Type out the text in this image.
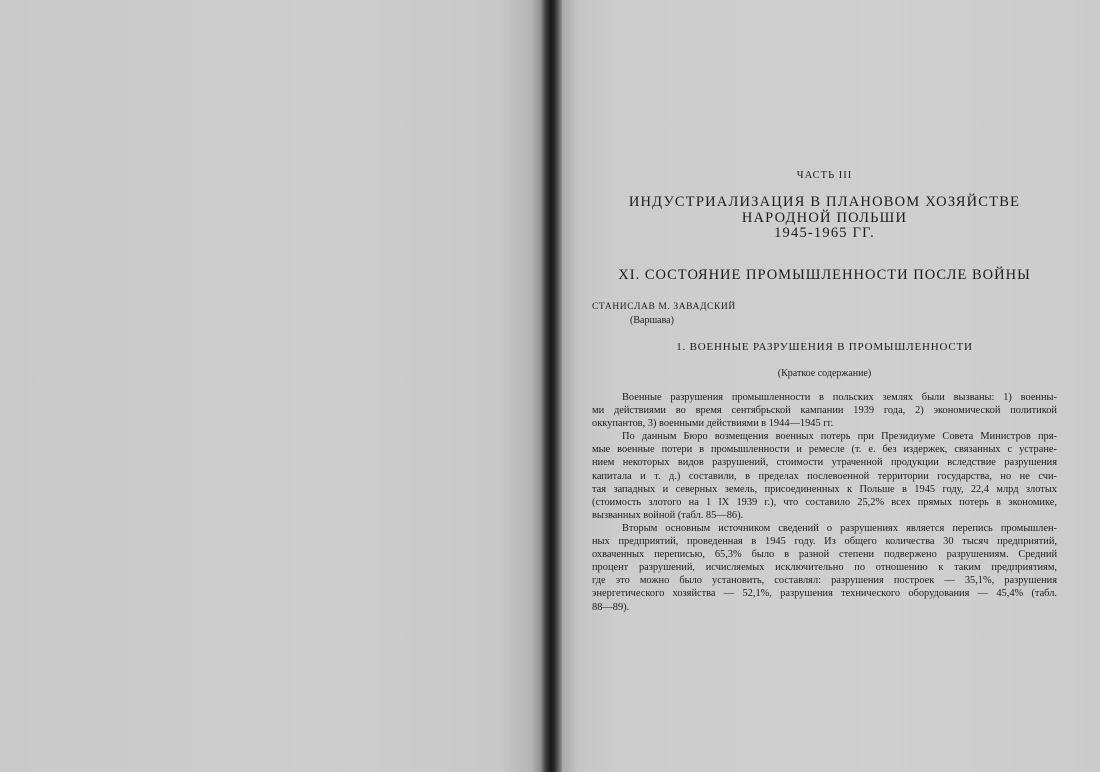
ЧАСТЬ III
ИНДУСТРИАЛИЗАЦИЯ В ПЛАНОВОМ ХОЗЯЙСТВЕ
НАРОДНОЙ ПОЛЬШИ
1945-1965 ГГ.
XI. СОСТОЯНИЕ ПРОМЫШЛЕННОСТИ ПОСЛЕ ВОЙНЫ
СТАНИСЛАВ М. ЗАВАДСКИЙ
(Варшава)
1. ВОЕННЫЕ РАЗРУШЕНИЯ В ПРОМЫШЛЕННОСТИ
(Краткое содержание)
Военные разрушения промышленности в польских землях были вызваны: 1) военны-
ми действиями во время сентябрьской кампании 1939 года, 2) экономической политикой
оккупантов, 3) военными действиями в 1944—1945 гг.
По данным Бюро возмещения военных потерь при Президиуме Совета Министров пря-
мые военные потери в промышленности и ремесле (т. е. без издержек, связанных с устране-
нием некоторых видов разрушений, стоимости утраченной продукции вследствие разрушения
капитала и т. д.) составили, в пределах послевоенной территории государства, но не счи-
тая западных и северных земель, присоединенных к Польше в 1945 году, 22,4 млрд злотых
(стоимость злотого на 1 IX 1939 г.), что составило 25,2% всех прямых потерь в экономике,
вызванных войной (табл. 85—86).
Вторым основным источником сведений о разрушениях является перепись промышлен-
ных предприятий, проведенная в 1945 году. Из общего количества 30 тысяч предприятий,
охваченных переписью, 65,3% было в разной степени подвержено разрушениям. Средний
процент разрушений, исчисляемых исключительно по отношению к таким предприятиям,
где это можно было установить, составлял: разрушения построек — 35,1%, разрушения
энергетического хозяйства — 52,1%, разрушения технического оборудования — 45,4% (табл.
88—89).
